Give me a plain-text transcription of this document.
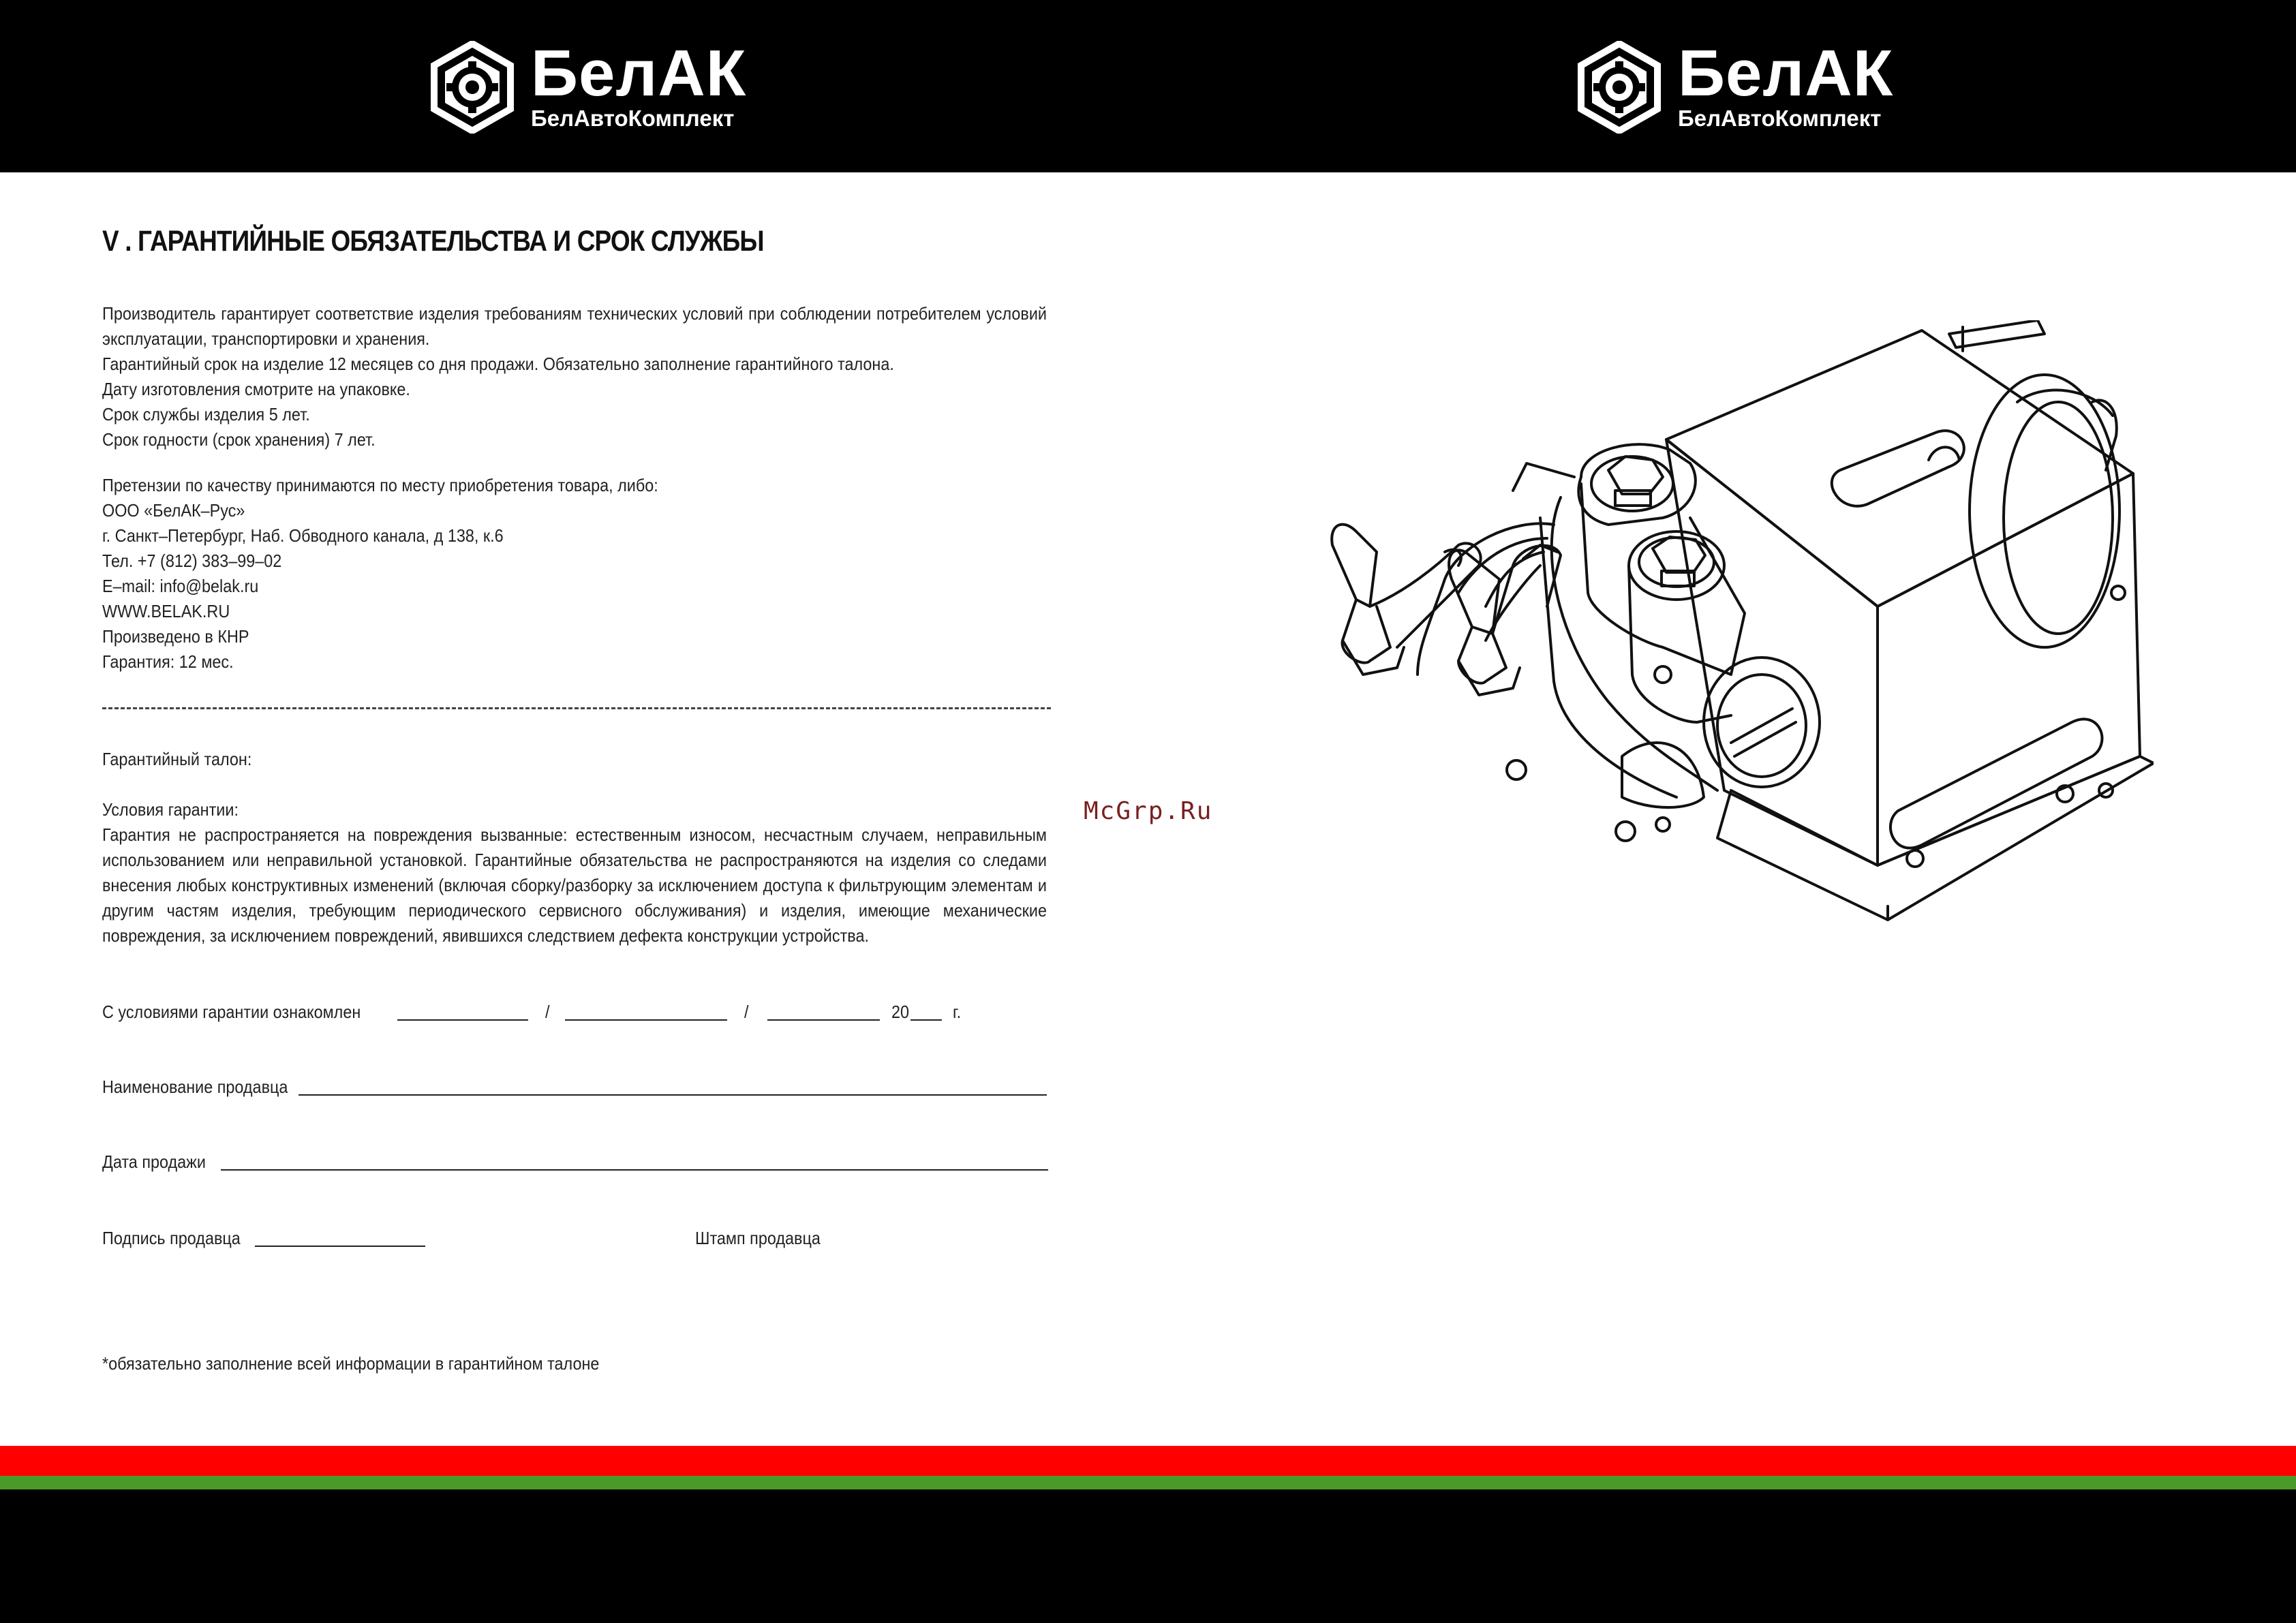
БелАК
БелАвтоКомплект
БелАК
БелАвтоКомплект
V . ГАРАНТИЙНЫЕ ОБЯЗАТЕЛЬСТВА И СРОК СЛУЖБЫ

Производитель гарантирует соответствие изделия требованиям технических условий при соблюдении потребителем условий эксплуатации, транспортировки и хранения.

Гарантийный срок на изделие 12 месяцев со дня продажи. Обязательно заполнение гарантийного талона.

Дату изготовления смотрите на упаковке.

Срок службы изделия 5 лет.

Срок годности (срок хранения) 7 лет.

Претензии по качеству принимаются по месту приобретения товара, либо:

ООО «БелАК–Рус»

г. Санкт–Петербург, Наб. Обводного канала, д 138, к.6

Тел. +7 (812) 383–99–02

E–mail: info@belak.ru

WWW.BELAK.RU

Произведено в КНР

Гарантия: 12 мес.

Гарантийный талон:

Условия гарантии:

Гарантия не распространяется на повреждения вызванные: естественным износом, несчастным случаем, неправильным использованием или неправильной установкой. Гарантийные обязательства не распространяются на изделия со следами внесения любых конструктивных изменений (включая сборку/разборку за исключением доступа к фильтрующим элементам и другим частям изделия, требующим периодического сервисного обслуживания) и изделия, имеющие механические повреждения, за исключением повреждений, явившихся следствием дефекта конструкции устройства.

С условиями гарантии ознакомлен	/	/	20 г.
Наименование продавца
Дата продажи
Подпись продавца	Штамп продавца
*обязательно заполнение всей информации в гарантийном талоне
McGrp.Ru
